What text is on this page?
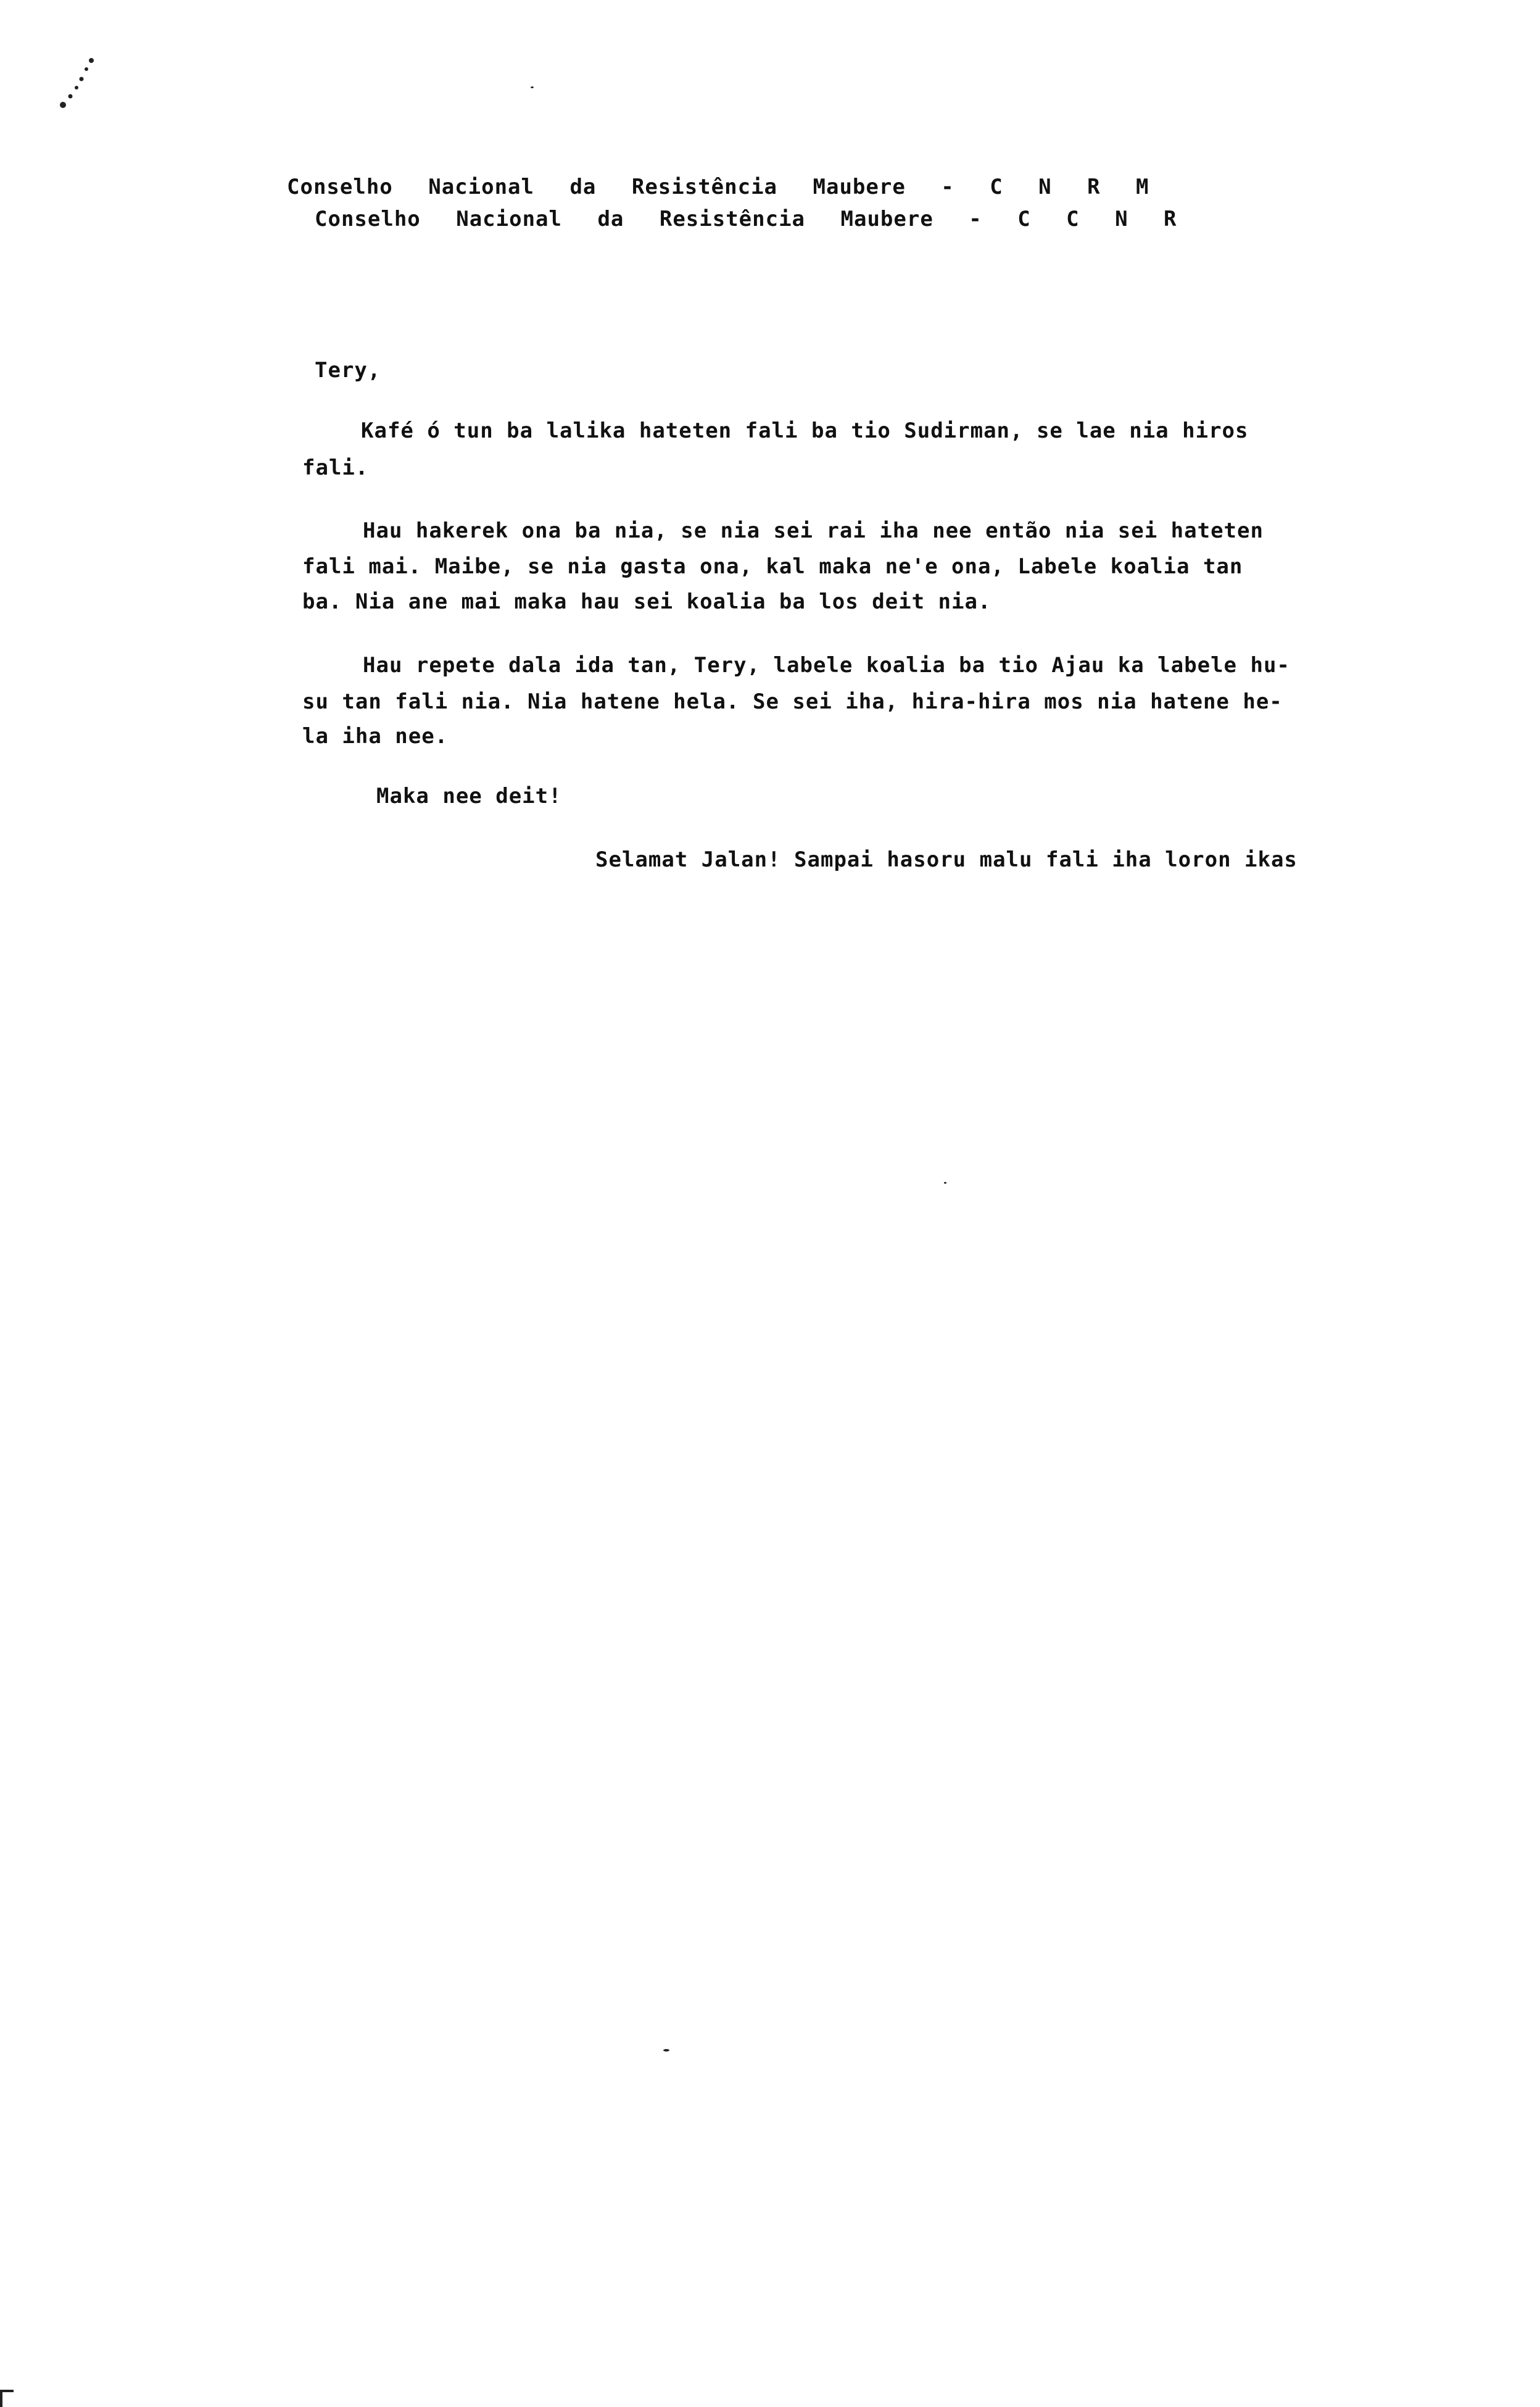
Conselho Nacional da Resistência Maubere - C N R M
Conselho Nacional da Resistência Maubere - C C N R
Tery,
Kafé ó tun ba lalika hateten fali ba tio Sudirman, se lae nia hiros
fali.
Hau hakerek ona ba nia, se nia sei rai iha nee então nia sei hateten
fali mai. Maibe, se nia gasta ona, kal maka ne'e ona, Labele koalia tan
ba. Nia ane mai maka hau sei koalia ba los deit nia.
Hau repete dala ida tan, Tery, labele koalia ba tio Ajau ka labele hu-
su tan fali nia. Nia hatene hela. Se sei iha, hira-hira mos nia hatene he-
la iha nee.
Maka nee deit!
Selamat Jalan! Sampai hasoru malu fali iha loron ikas
